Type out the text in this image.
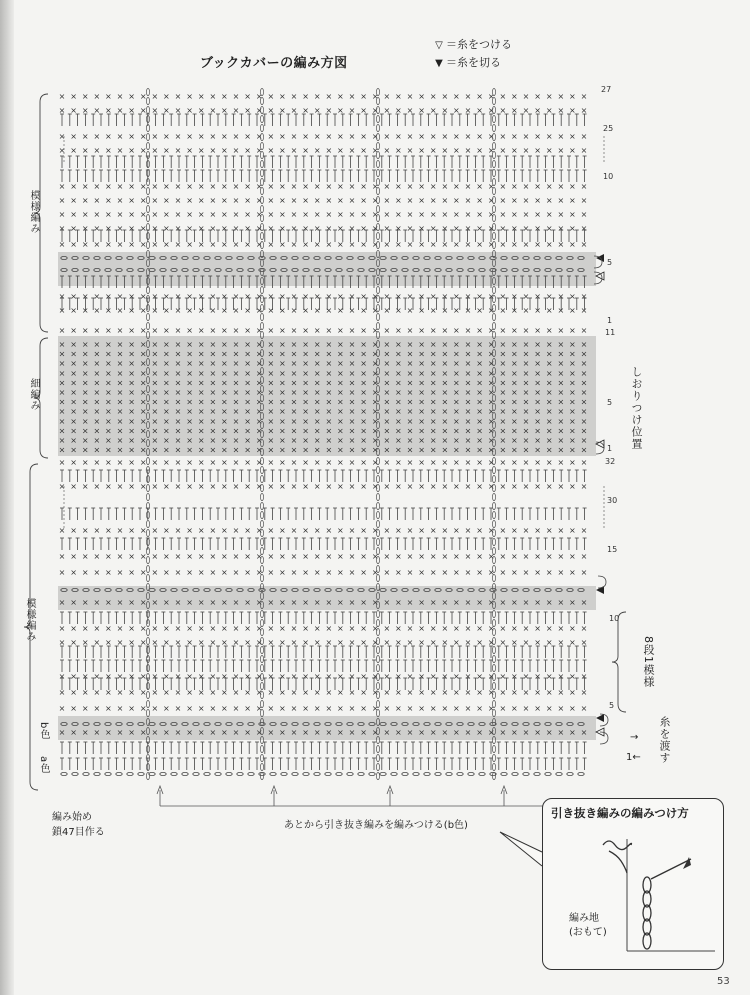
ブックカバーの編み方図
▽ ＝糸をつける
▼ ＝糸を切る
× × × × × × × × × × × × × × × × × × × × × × × × × × × × × × × × × × × × × × × × × × × × × ×
× × × × × × × × × × × × × × × × × × × × × × × × × × × × × × × × × × × × × × × × × × × × × ×
× × × × × × × × × × × × × × × × × × × × × × × × × × × × × × × × × × × × × × × × × × × × × ×
× × × × × × × × × × × × × × × × × × × × × × × × × × × × × × × × × × × × × × × × × × × × × ×
× × × × × × × × × × × × × × × × × × × × × × × × × × × × × × × × × × × × × × × × × × × × × ×
× × × × × × × × × × × × × × × × × × × × × × × × × × × × × × × × × × × × × × × × × × × × × ×
× × × × × × × × × × × × × × × × × × × × × × × × × × × × × × × × × × × × × × × × × × × × × ×
× × × × × × × × × × × × × × × × × × × × × × × × × × × × × × × × × × × × × × × × × × × × × ×
× × × × × × × × × × × × × × × × × × × × × × × × × × × × × × × × × × × × × × × × × × × × × ×
× × × × × × × × × × × × × × × × × × × × × × × × × × × × × × × × × × × × × × × × × × × × × ×
× × × × × × × × × × × × × × × × × × × × × × × × × × × × × × × × × × × × × × × × × × × × × ×
× × × × × × × × × × × × × × × × × × × × × × × × × × × × × × × × × × × × × × × × × × × × × ×
× × × × × × × × × × × × × × × × × × × × × × × × × × × × × × × × × × × × × × × × × × × × × ×
× × × × × × × × × × × × × × × × × × × × × × × × × × × × × × × × × × × × × × × × × × × × × ×
× × × × × × × × × × × × × × × × × × × × × × × × × × × × × × × × × × × × × × × × × × × × × ×
× × × × × × × × × × × × × × × × × × × × × × × × × × × × × × × × × × × × × × × × × × × × × ×
× × × × × × × × × × × × × × × × × × × × × × × × × × × × × × × × × × × × × × × × × × × × × ×
× × × × × × × × × × × × × × × × × × × × × × × × × × × × × × × × × × × × × × × × × × × × × ×
× × × × × × × × × × × × × × × × × × × × × × × × × × × × × × × × × × × × × × × × × × × × × ×
× × × × × × × × × × × × × × × × × × × × × × × × × × × × × × × × × × × × × × × × × × × × × ×
× × × × × × × × × × × × × × × × × × × × × × × × × × × × × × × × × × × × × × × × × × × × × ×
× × × × × × × × × × × × × × × × × × × × × × × × × × × × × × × × × × × × × × × × × × × × × ×
× × × × × × × × × × × × × × × × × × × × × × × × × × × × × × × × × × × × × × × × × × × × × ×
× × × × × × × × × × × × × × × × × × × × × × × × × × × × × × × × × × × × × × × × × × × × × ×
× × × × × × × × × × × × × × × × × × × × × × × × × × × × × × × × × × × × × × × × × × × × × ×
× × × × × × × × × × × × × × × × × × × × × × × × × × × × × × × × × × × × × × × × × × × × × ×
× × × × × × × × × × × × × × × × × × × × × × × × × × × × × × × × × × × × × × × × × × × × × ×
× × × × × × × × × × × × × × × × × × × × × × × × × × × × × × × × × × × × × × × × × × × × × ×
× × × × × × × × × × × × × × × × × × × × × × × × × × × × × × × × × × × × × × × × × × × × × ×
× × × × × × × × × × × × × × × × × × × × × × × × × × × × × × × × × × × × × × × × × × × × × ×
× × × × × × × × × × × × × × × × × × × × × × × × × × × × × × × × × × × × × × × × × × × × × ×
× × × × × × × × × × × × × × × × × × × × × × × × × × × × × × × × × × × × × × × × × × × × × ×
× × × × × × × × × × × × × × × × × × × × × × × × × × × × × × × × × × × × × × × × × × × × × ×
× × × × × × × × × × × × × × × × × × × × × × × × × × × × × × × × × × × × × × × × × × × × × ×
× × × × × × × × × × × × × × × × × × × × × × × × × × × × × × × × × × × × × × × × × × × × × ×
× × × × × × × × × × × × × × × × × × × × × × × × × × × × × × × × × × × × × × × × × × × × × ×
27
25
10
5
1
11
5
1
32
30
15
10
5
模様編み
細編み
模様編み
b色
a色
しおりつけ位置
8段1模様
糸を渡す
→
1←
編み始め
鎖47目作る
あとから引き抜き編みを編みつける(b色)
引き抜き編みの編みつけ方
編み地
(おもて)
53
